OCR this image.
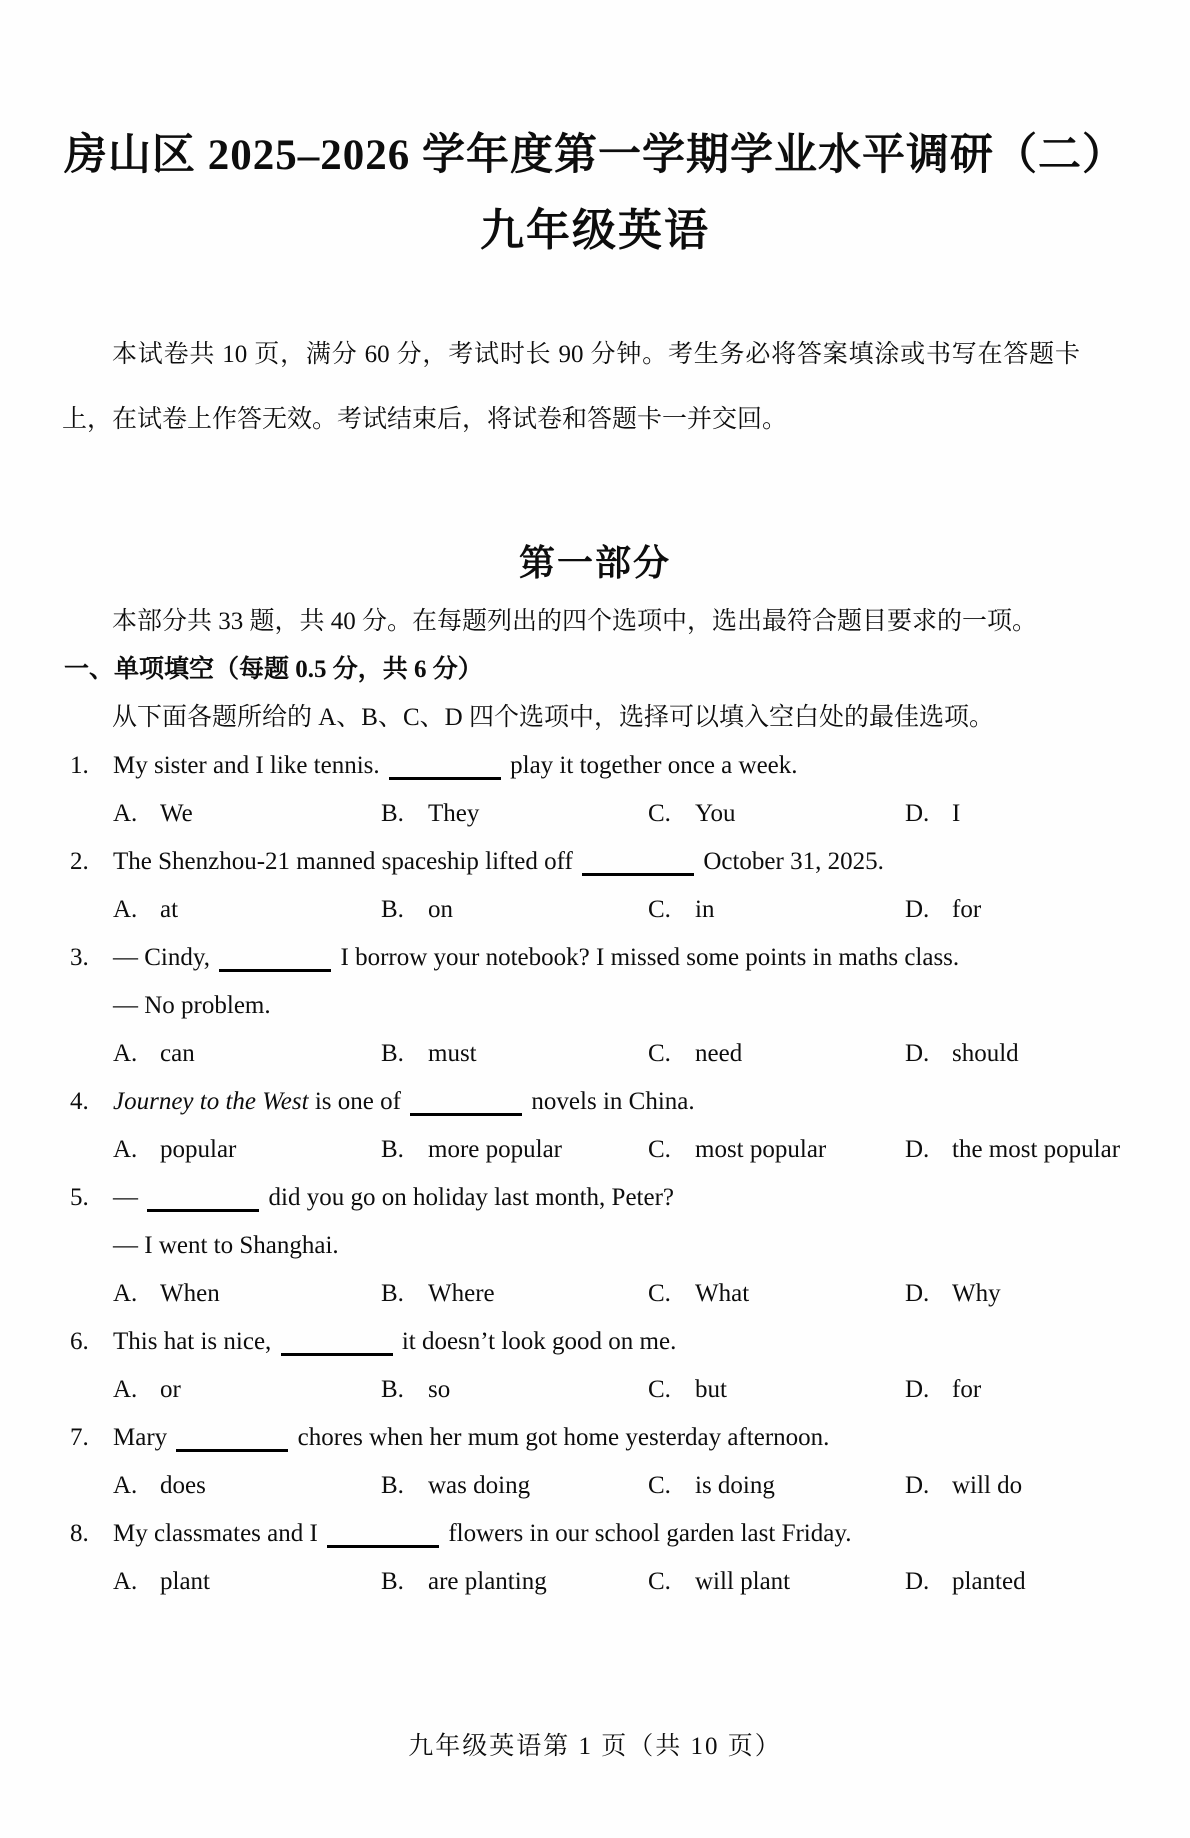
房山区 2025–2026 学年度第一学期学业水平调研（二）
九年级英语

本试卷共 10 页，满分 60 分，考试时长 90 分钟。考生务必将答案填涂或书写在答题卡上，在试卷上作答无效。考试结束后，将试卷和答题卡一并交回。

第一部分

本部分共 33 题，共 40 分。在每题列出的四个选项中，选出最符合题目要求的一项。

一、单项填空（每题 0.5 分，共 6 分）

从下面各题所给的 A、B、C、D 四个选项中，选择可以填入空白处的最佳选项。

1. My sister and I like tennis.	play it together once a week.
A. We	B. They	C. You	D. I
2. The Shenzhou-21 manned spaceship lifted off	October 31, 2025.
A. at	B. on	C. in	D. for
3. — Cindy,	I borrow your notebook? I missed some points in maths class.
— No problem.
A. can	B. must	C. need	D. should
4. Journey to the West is one of	novels in China.
A. popular	B. more popular	C. most popular	D. the most popular
5. —	did you go on holiday last month, Peter?
— I went to Shanghai.
A. When	B. Where	C. What	D. Why
6. This hat is nice,	it doesn’t look good on me.
A. or	B. so	C. but	D. for
7. Mary	chores when her mum got home yesterday afternoon.
A. does	B. was doing	C. is doing	D. will do
8. My classmates and I	flowers in our school garden last Friday.
A. plant	B. are planting	C. will plant	D. planted
九年级英语第 1 页（共 10 页）
